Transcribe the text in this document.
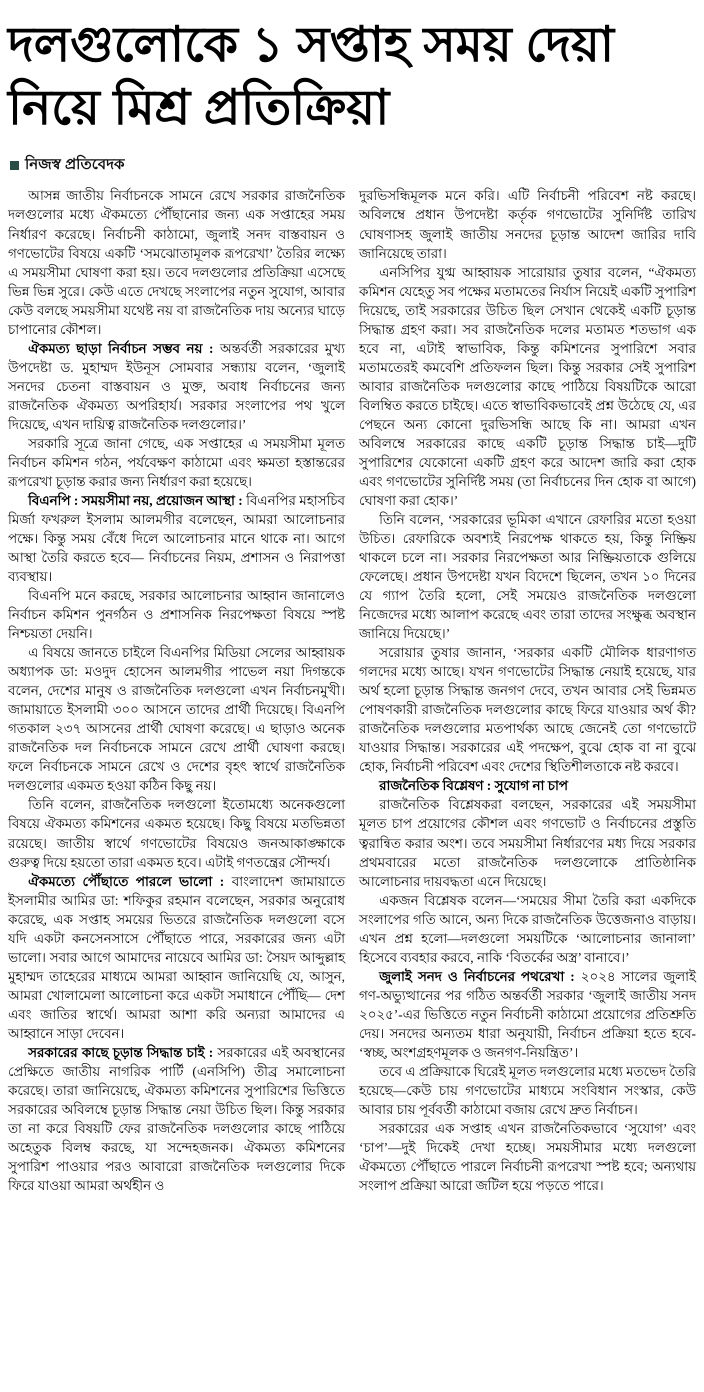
দলগুলোকে ১ সপ্তাহ সময় দেয়া নিয়ে মিশ্র প্রতিক্রিয়া
নিজস্ব প্রতিবেদক

আসন্ন জাতীয় নির্বাচনকে সামনে রেখে সরকার রাজনৈতিক দলগুলোর মধ্যে ঐকমত্যে পৌঁছানোর জন্য এক সপ্তাহের সময় নির্ধারণ করেছে। নির্বাচনী কাঠামো, জুলাই সনদ বাস্তবায়ন ও গণভোটের বিষয়ে একটি ‘সমঝোতামূলক রূপরেখা’ তৈরির লক্ষ্যে এ সময়সীমা ঘোষণা করা হয়। তবে দলগুলোর প্রতিক্রিয়া এসেছে ভিন্ন ভিন্ন সুরে। কেউ এতে দেখছে সংলাপের নতুন সুযোগ, আবার কেউ বলছে সময়সীমা যথেষ্ট নয় বা রাজনৈতিক দায় অন্যের ঘাড়ে চাপানোর কৌশল।

ঐকমত্য ছাড়া নির্বাচন সম্ভব নয় : অন্তর্বর্তী সরকারের মুখ্য উপদেষ্টা ড. মুহাম্মদ ইউনূস সোমবার সন্ধ্যায় বলেন, ‘জুলাই সনদের চেতনা বাস্তবায়ন ও মুক্ত, অবাধ নির্বাচনের জন্য রাজনৈতিক ঐকমত্য অপরিহার্য। সরকার সংলাপের পথ খুলে দিয়েছে, এখন দায়িত্ব রাজনৈতিক দলগুলোর।’

সরকারি সূত্রে জানা গেছে, এক সপ্তাহের এ সময়সীমা মূলত নির্বাচন কমিশন গঠন, পর্যবেক্ষণ কাঠামো এবং ক্ষমতা হস্তান্তরের রূপরেখা চূড়ান্ত করার জন্য নির্ধারণ করা হয়েছে।

বিএনপি : সময়সীমা নয়, প্রয়োজন আস্থা : বিএনপির মহাসচিব মির্জা ফখরুল ইসলাম আলমগীর বলেছেন, আমরা আলোচনার পক্ষে। কিন্তু সময় বেঁধে দিলে আলোচনার মানে থাকে না। আগে আস্থা তৈরি করতে হবে— নির্বাচনের নিয়ম, প্রশাসন ও নিরাপত্তা ব্যবস্থায়।

বিএনপি মনে করছে, সরকার আলোচনার আহ্বান জানালেও নির্বাচন কমিশন পুনর্গঠন ও প্রশাসনিক নিরপেক্ষতা বিষয়ে স্পষ্ট নিশ্চয়তা দেয়নি।

এ বিষয়ে জানতে চাইলে বিএনপির মিডিয়া সেলের আহ্বায়ক অধ্যাপক ডা: মওদুদ হোসেন আলমগীর পাভেল নয়া দিগন্তকে বলেন, দেশের মানুষ ও রাজনৈতিক দলগুলো এখন নির্বাচনমুখী। জামায়াতে ইসলামী ৩০০ আসনে তাদের প্রার্থী দিয়েছে। বিএনপি গতকাল ২৩৭ আসনের প্রার্থী ঘোষণা করেছে। এ ছাড়াও অনেক রাজনৈতিক দল নির্বাচনকে সামনে রেখে প্রার্থী ঘোষণা করছে। ফলে নির্বাচনকে সামনে রেখে ও দেশের বৃহৎ স্বার্থে রাজনৈতিক দলগুলোর একমত হওয়া কঠিন কিছু নয়।

তিনি বলেন, রাজনৈতিক দলগুলো ইতোমধ্যে অনেকগুলো বিষয়ে ঐকমত্য কমিশনের একমত হয়েছে। কিছু বিষয়ে মতভিন্নতা রয়েছে। জাতীয় স্বার্থে গণভোটের বিষয়েও জনআকাঙ্ক্ষাকে গুরুত্ব দিয়ে হয়তো তারা একমত হবে। এটাই গণতন্ত্রের সৌন্দর্য।

ঐকমত্যে পৌঁছাতে পারলে ভালো : বাংলাদেশ জামায়াতে ইসলামীর আমির ডা: শফিকুর রহমান বলেছেন, সরকার অনুরোধ করেছে, এক সপ্তাহ সময়ের ভিতরে রাজনৈতিক দলগুলো বসে যদি একটা কনসেনসাসে পৌঁছাতে পারে, সরকারের জন্য এটা ভালো। সবার আগে আমাদের নায়েবে আমির ডা: সৈয়দ আব্দুল্লাহ মুহাম্মদ তাহেরের মাধ্যমে আমরা আহ্বান জানিয়েছি যে, আসুন, আমরা খোলামেলা আলোচনা করে একটা সমাধানে পৌঁছি— দেশ এবং জাতির স্বার্থে। আমরা আশা করি অন্যরা আমাদের এ আহ্বানে সাড়া দেবেন।

সরকারের কাছে চূড়ান্ত সিদ্ধান্ত চাই : সরকারের এই অবস্থানের প্রেক্ষিতে জাতীয় নাগরিক পার্টি (এনসিপি) তীব্র সমালোচনা করেছে। তারা জানিয়েছে, ঐকমত্য কমিশনের সুপারিশের ভিত্তিতে সরকারের অবিলম্বে চূড়ান্ত সিদ্ধান্ত নেয়া উচিত ছিল। কিন্তু সরকার তা না করে বিষয়টি ফের রাজনৈতিক দলগুলোর কাছে পাঠিয়ে অহেতুক বিলম্ব করছে, যা সন্দেহজনক। ঐকমত্য কমিশনের সুপারিশ পাওয়ার পরও আবারো রাজনৈতিক দলগুলোর দিকে ফিরে যাওয়া আমরা অর্থহীন ও

দুরভিসন্ধিমূলক মনে করি। এটি নির্বাচনী পরিবেশ নষ্ট করছে। অবিলম্বে প্রধান উপদেষ্টা কর্তৃক গণভোটের সুনির্দিষ্ট তারিখ ঘোষণাসহ জুলাই জাতীয় সনদের চূড়ান্ত আদেশ জারির দাবি জানিয়েছে তারা।

এনসিপির যুগ্ম আহ্বায়ক সারোয়ার তুষার বলেন, “ঐকমত্য কমিশন যেহেতু সব পক্ষের মতামতের নির্যাস নিয়েই একটি সুপারিশ দিয়েছে, তাই সরকারের উচিত ছিল সেখান থেকেই একটি চূড়ান্ত সিদ্ধান্ত গ্রহণ করা। সব রাজনৈতিক দলের মতামত শতভাগ এক হবে না, এটাই স্বাভাবিক, কিন্তু কমিশনের সুপারিশে সবার মতামতেরই কমবেশি প্রতিফলন ছিল। কিন্তু সরকার সেই সুপারিশ আবার রাজনৈতিক দলগুলোর কাছে পাঠিয়ে বিষয়টিকে আরো বিলম্বিত করতে চাইছে। এতে স্বাভাবিকভাবেই প্রশ্ন উঠেছে যে, এর পেছনে অন্য কোনো দুরভিসন্ধি আছে কি না। আমরা এখন অবিলম্বে সরকারের কাছে একটি চূড়ান্ত সিদ্ধান্ত চাই—দুটি সুপারিশের যেকোনো একটি গ্রহণ করে আদেশ জারি করা হোক এবং গণভোটের সুনির্দিষ্ট সময় (তা নির্বাচনের দিন হোক বা আগে) ঘোষণা করা হোক।’

তিনি বলেন, ‘সরকারের ভূমিকা এখানে রেফারির মতো হওয়া উচিত। রেফারিকে অবশ্যই নিরপেক্ষ থাকতে হয়, কিন্তু নিষ্ক্রিয় থাকলে চলে না। সরকার নিরপেক্ষতা আর নিষ্ক্রিয়তাকে গুলিয়ে ফেলেছে। প্রধান উপদেষ্টা যখন বিদেশে ছিলেন, তখন ১০ দিনের যে গ্যাপ তৈরি হলো, সেই সময়েও রাজনৈতিক দলগুলো নিজেদের মধ্যে আলাপ করেছে এবং তারা তাদের সংক্ষুব্ধ অবস্থান জানিয়ে দিয়েছে।’

সরোয়ার তুষার জানান, ‘সরকার একটি মৌলিক ধারণাগত গলদের মধ্যে আছে। যখন গণভোটের সিদ্ধান্ত নেয়াই হয়েছে, যার অর্থ হলো চূড়ান্ত সিদ্ধান্ত জনগণ দেবে, তখন আবার সেই ভিন্নমত পোষণকারী রাজনৈতিক দলগুলোর কাছে ফিরে যাওয়ার অর্থ কী? রাজনৈতিক দলগুলোর মতপার্থক্য আছে জেনেই তো গণভোটে যাওয়ার সিদ্ধান্ত। সরকারের এই পদক্ষেপ, বুঝে হোক বা না বুঝে হোক, নির্বাচনী পরিবেশ এবং দেশের স্থিতিশীলতাকে নষ্ট করবে।

রাজনৈতিক বিশ্লেষণ : সুযোগ না চাপ

রাজনৈতিক বিশ্লেষকরা বলছেন, সরকারের এই সময়সীমা মূলত চাপ প্রয়োগের কৌশল এবং গণভোট ও নির্বাচনের প্রস্তুতি ত্বরান্বিত করার অংশ। তবে সময়সীমা নির্ধারণের মধ্য দিয়ে সরকার প্রথমবারের মতো রাজনৈতিক দলগুলোকে প্রাতিষ্ঠানিক আলোচনার দায়বদ্ধতা এনে দিয়েছে।

একজন বিশ্লেষক বলেন—‘সময়ের সীমা তৈরি করা একদিকে সংলাপের গতি আনে, অন্য দিকে রাজনৈতিক উত্তেজনাও বাড়ায়। এখন প্রশ্ন হলো—দলগুলো সময়টিকে ‘আলোচনার জানালা’ হিসেবে ব্যবহার করবে, নাকি ‘বিতর্কের অস্ত্র’ বানাবে।’

জুলাই সনদ ও নির্বাচনের পথরেখা : ২০২৪ সালের জুলাই গণ-অভ্যুত্থানের পর গঠিত অন্তর্বর্তী সরকার ‘জুলাই জাতীয় সনদ ২০২৫’-এর ভিত্তিতে নতুন নির্বাচনী কাঠামো প্রয়োগের প্রতিশ্রুতি দেয়। সনদের অন্যতম ধারা অনুযায়ী, নির্বাচন প্রক্রিয়া হতে হবে- ‘স্বচ্ছ, অংশগ্রহণমূলক ও জনগণ-নিয়ন্ত্রিত’।

তবে এ প্রক্রিয়াকে ঘিরেই মূলত দলগুলোর মধ্যে মতভেদ তৈরি হয়েছে—কেউ চায় গণভোটের মাধ্যমে সংবিধান সংস্কার, কেউ আবার চায় পূর্ববর্তী কাঠামো বজায় রেখে দ্রুত নির্বাচন।

সরকারের এক সপ্তাহ এখন রাজনৈতিকভাবে ‘সুযোগ’ এবং ‘চাপ’—দুই দিকেই দেখা হচ্ছে। সময়সীমার মধ্যে দলগুলো ঐকমত্যে পৌঁছাতে পারলে নির্বাচনী রূপরেখা স্পষ্ট হবে; অন্যথায় সংলাপ প্রক্রিয়া আরো জটিল হয়ে পড়তে পারে।
